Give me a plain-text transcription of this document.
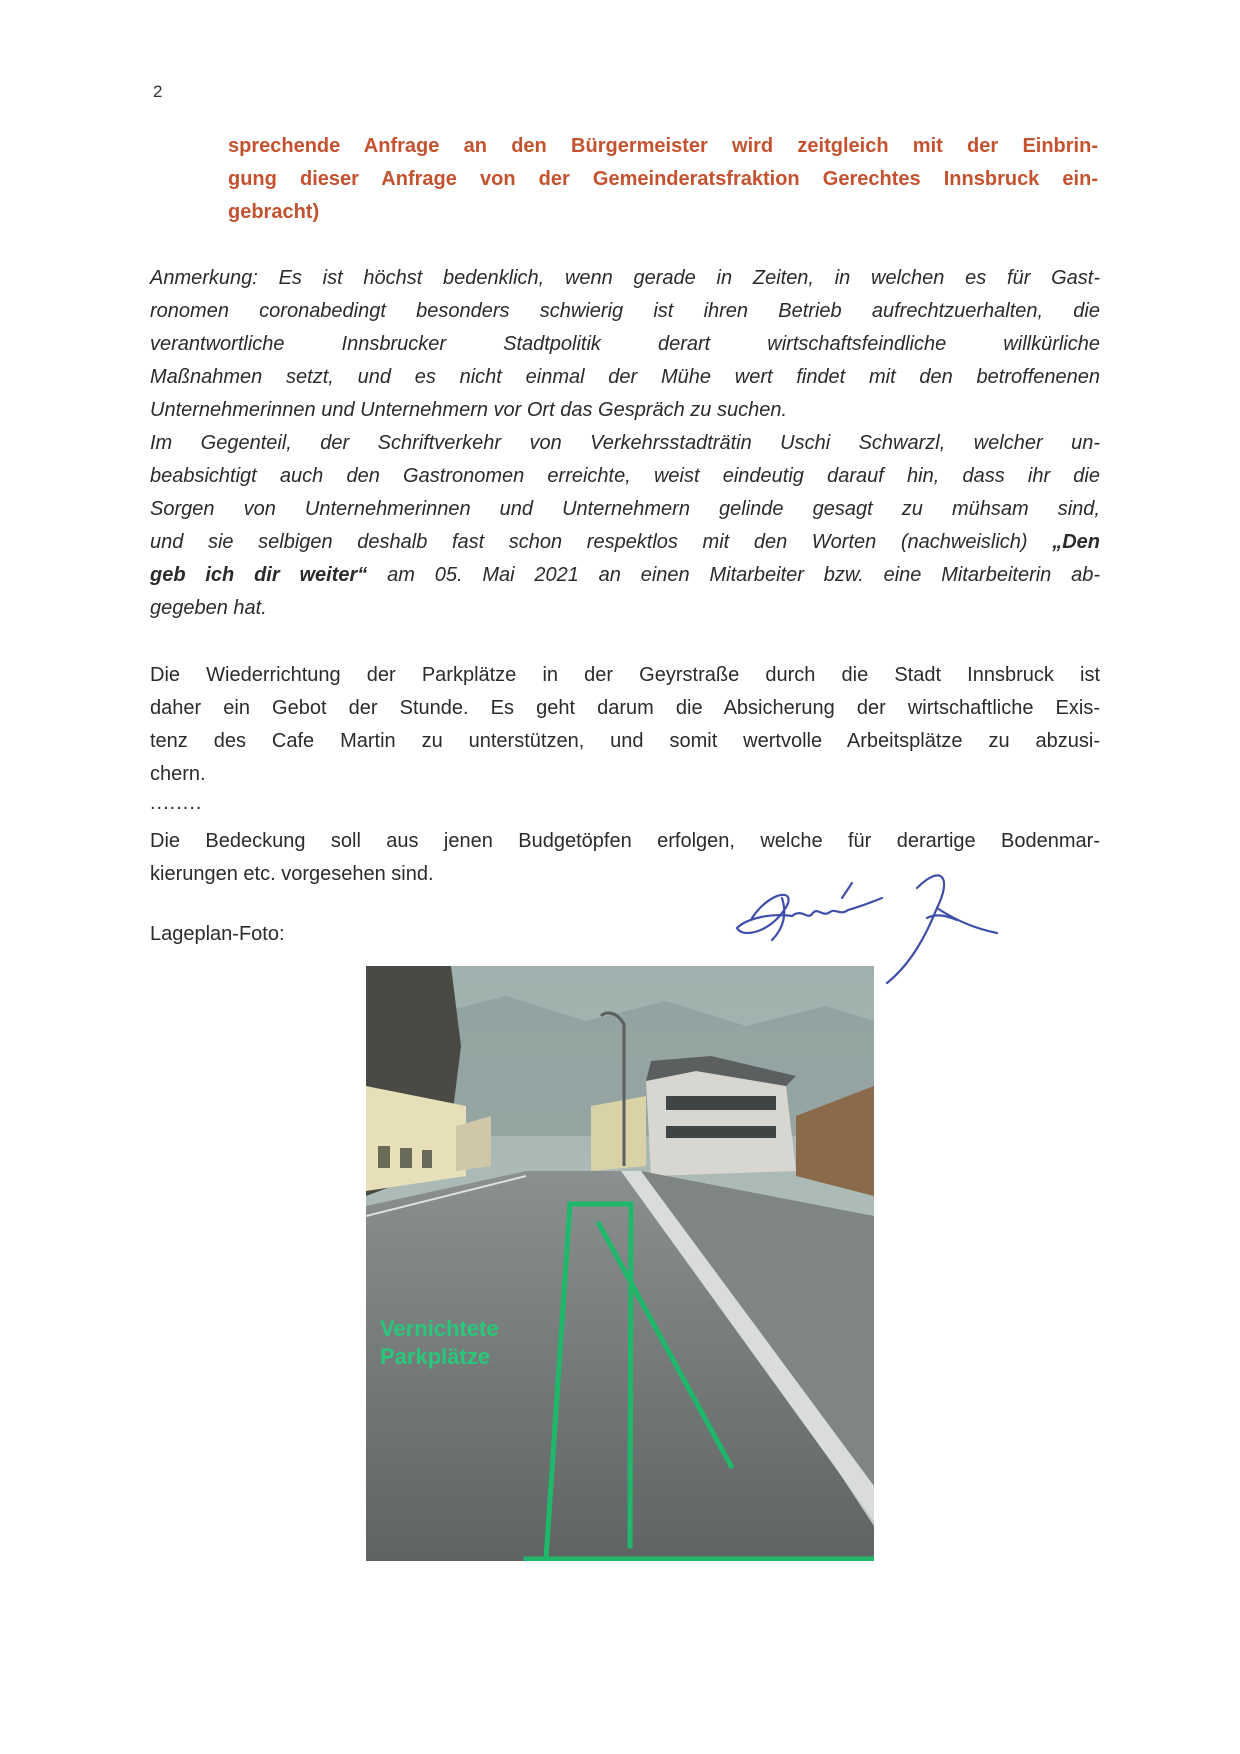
2
sprechende Anfrage an den Bürgermeister wird zeitgleich mit der Einbrin-
gung dieser Anfrage von der Gemeinderatsfraktion Gerechtes Innsbruck ein-
gebracht)
Anmerkung: Es ist höchst bedenklich, wenn gerade in Zeiten, in welchen es für Gast-
ronomen coronabedingt besonders schwierig ist ihren Betrieb aufrechtzuerhalten, die
verantwortliche Innsbrucker Stadtpolitik derart wirtschaftsfeindliche willkürliche
Maßnahmen setzt, und es nicht einmal der Mühe wert findet mit den betroffenenen
Unternehmerinnen und Unternehmern vor Ort das Gespräch zu suchen.
Im Gegenteil, der Schriftverkehr von Verkehrsstadträtin Uschi Schwarzl, welcher un-
beabsichtigt auch den Gastronomen erreichte, weist eindeutig darauf hin, dass ihr die
Sorgen von Unternehmerinnen und Unternehmern gelinde gesagt zu mühsam sind,
und sie selbigen deshalb fast schon respektlos mit den Worten (nachweislich) „Den
geb ich dir weiter“ am 05. Mai 2021 an einen Mitarbeiter bzw. eine Mitarbeiterin ab-
gegeben hat.
Die Wiederrichtung der Parkplätze in der Geyrstraße durch die Stadt Innsbruck ist
daher ein Gebot der Stunde. Es geht darum die Absicherung der wirtschaftliche Exis-
tenz des Cafe Martin zu unterstützen, und somit wertvolle Arbeitsplätze zu abzusi-
chern.
........
Die Bedeckung soll aus jenen Budgetöpfen erfolgen, welche für derartige Bodenmar-
kierungen etc. vorgesehen sind.
Lageplan-Foto:
Vernichtete
Parkplätze
